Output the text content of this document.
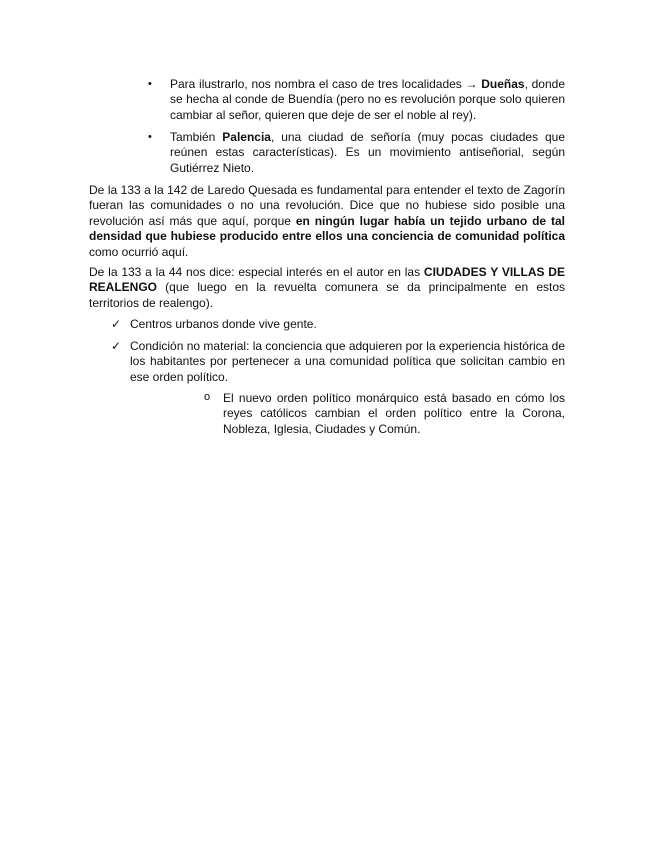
• Para ilustrarlo, nos nombra el caso de tres localidades → Dueñas, donde se hecha al conde de Buendía (pero no es revolución porque solo quieren cambiar al señor, quieren que deje de ser el noble al rey).
• También Palencia, una ciudad de señoría (muy pocas ciudades que reúnen estas características). Es un movimiento antiseñorial, según Gutiérrez Nieto.
De la 133 a la 142 de Laredo Quesada es fundamental para entender el texto de Zagorín fueran las comunidades o no una revolución. Dice que no hubiese sido posible una revolución así más que aquí, porque en ningún lugar había un tejido urbano de tal densidad que hubiese producido entre ellos una conciencia de comunidad política como ocurrió aquí.
De la 133 a la 44 nos dice: especial interés en el autor en las CIUDADES Y VILLAS DE REALENGO (que luego en la revuelta comunera se da principalmente en estos territorios de realengo).
✓ Centros urbanos donde vive gente.
✓ Condición no material: la conciencia que adquieren por la experiencia histórica de los habitantes por pertenecer a una comunidad política que solicitan cambio en ese orden político.
o El nuevo orden político monárquico está basado en cómo los reyes católicos cambian el orden político entre la Corona, Nobleza, Iglesia, Ciudades y Común.
